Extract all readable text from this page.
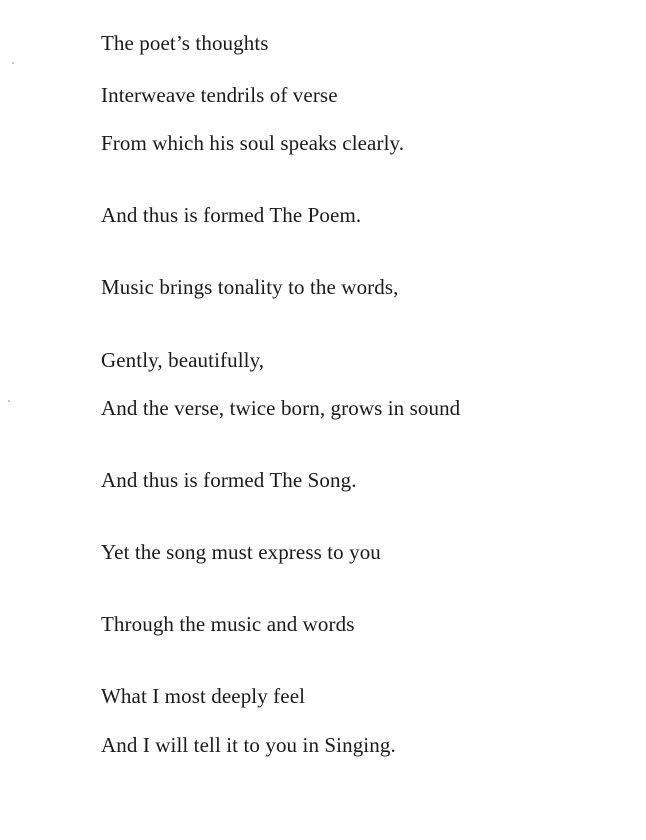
The poet’s thoughts
Interweave tendrils of verse
From which his soul speaks clearly.
And thus is formed The Poem.
Music brings tonality to the words,
Gently, beautifully,
And the verse, twice born, grows in sound
And thus is formed The Song.
Yet the song must express to you
Through the music and words
What I most deeply feel
And I will tell it to you in Singing.
